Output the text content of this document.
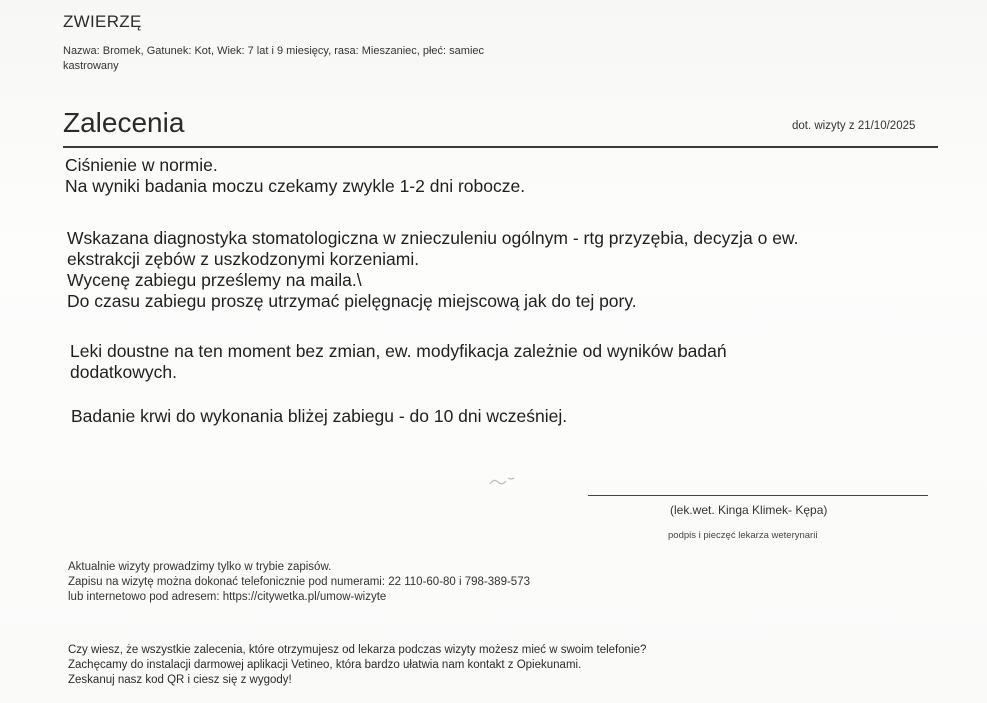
ZWIERZĘ
Nazwa: Bromek, Gatunek: Kot, Wiek: 7 lat i 9 miesięcy, rasa: Mieszaniec, płeć: samiec
kastrowany
Zalecenia	dot. wizyty z 21/10/2025
Ciśnienie w normie.
Na wyniki badania moczu czekamy zwykle 1-2 dni robocze.
Wskazana diagnostyka stomatologiczna w znieczuleniu ogólnym - rtg przyzębia, decyzja o ew.
ekstrakcji zębów z uszkodzonymi korzeniami.
Wycenę zabiegu prześlemy na maila.\
Do czasu zabiegu proszę utrzymać pielęgnację miejscową jak do tej pory.
Leki doustne na ten moment bez zmian, ew. modyfikacja zależnie od wyników badań
dodatkowych.
Badanie krwi do wykonania bliżej zabiegu - do 10 dni wcześniej.
(lek.wet. Kinga Klimek- Kępa)
podpis i pieczęć lekarza weterynarii
Aktualnie wizyty prowadzimy tylko w trybie zapisów.
Zapisu na wizytę można dokonać telefonicznie pod numerami: 22 110-60-80 i 798-389-573
lub internetowo pod adresem: https://citywetka.pl/umow-wizyte
Czy wiesz, że wszystkie zalecenia, które otrzymujesz od lekarza podczas wizyty możesz mieć w swoim telefonie?
Zachęcamy do instalacji darmowej aplikacji Vetineo, która bardzo ułatwia nam kontakt z Opiekunami.
Zeskanuj nasz kod QR i ciesz się z wygody!
